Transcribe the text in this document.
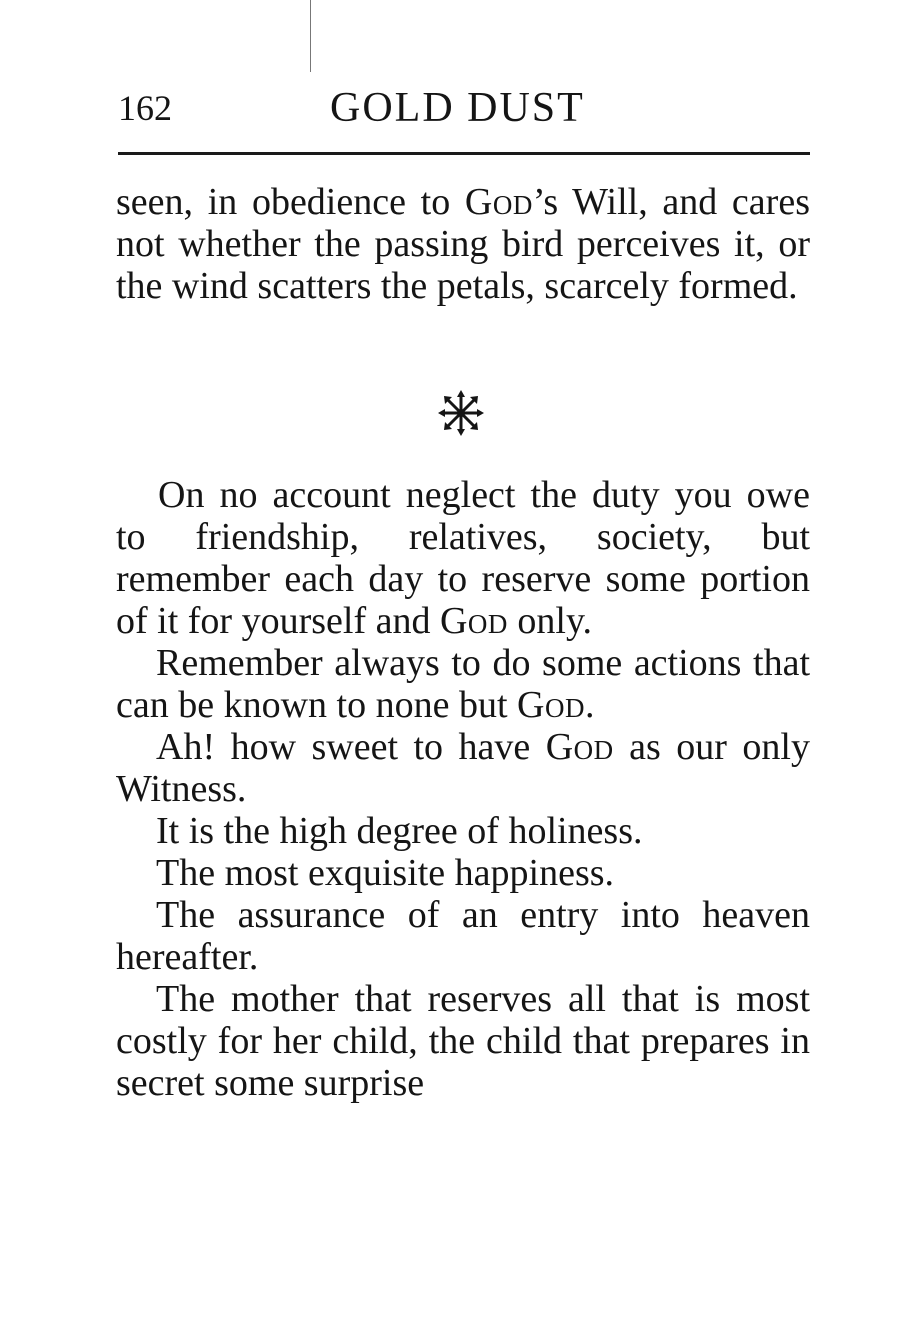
162	GOLD DUST

seen, in obedience to God’s Will, and cares not whether the passing bird perceives it, or the wind scatters the petals, scarcely formed.

On no account neglect the duty you owe to friendship, relatives, society, but remember each day to reserve some portion of it for yourself and God only.

Remember always to do some actions that can be known to none but God.

Ah! how sweet to have God as our only Witness.

It is the high degree of holiness.

The most exquisite happiness.

The assurance of an entry into heaven hereafter.

The mother that reserves all that is most costly for her child, the child that prepares in secret some surprise
